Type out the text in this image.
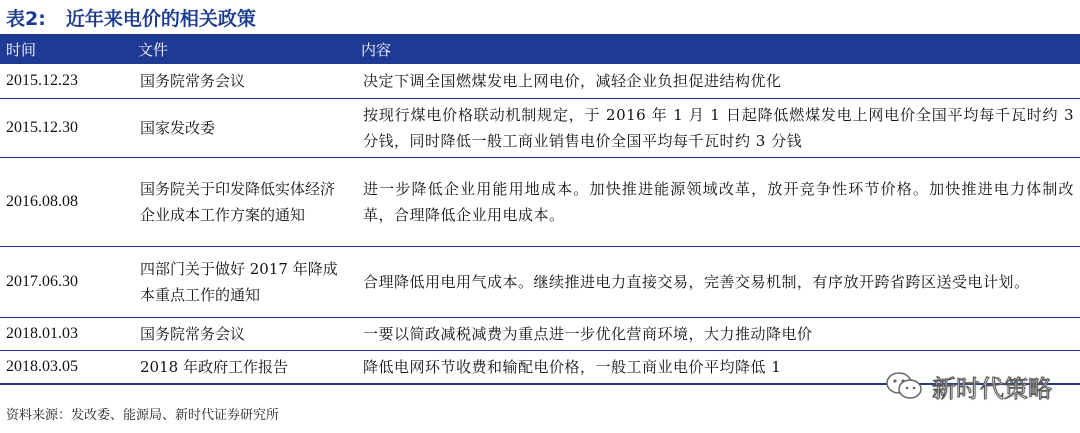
表2: 近年来电价的相关政策
时间	文件	内容
2015.12.23	国务院常务会议	决定下调全国燃煤发电上网电价，减轻企业负担促进结构优化
2015.12.30	国家发改委	按现行煤电价格联动机制规定，于 2016 年 1 月 1 日起降低燃煤发电上网电价全国平均每千瓦时约 3 分钱，同时降低一般工商业销售电价全国平均每千瓦时约 3 分钱
2016.08.08	国务院关于印发降低实体经济企业成本工作方案的通知	进一步降低企业用能用地成本。加快推进能源领域改革，放开竞争性环节价格。加快推进电力体制改革，合理降低企业用电成本。
2017.06.30	四部门关于做好 2017 年降成本重点工作的通知	合理降低用电用气成本。继续推进电力直接交易，完善交易机制，有序放开跨省跨区送受电计划。
2018.01.03	国务院常务会议	一要以简政减税减费为重点进一步优化营商环境，大力推动降电价
2018.03.05	2018 年政府工作报告	降低电网环节收费和输配电价格，一般工商业电价平均降低 1
资料来源：发改委、能源局、新时代证券研究所
新时代策略
